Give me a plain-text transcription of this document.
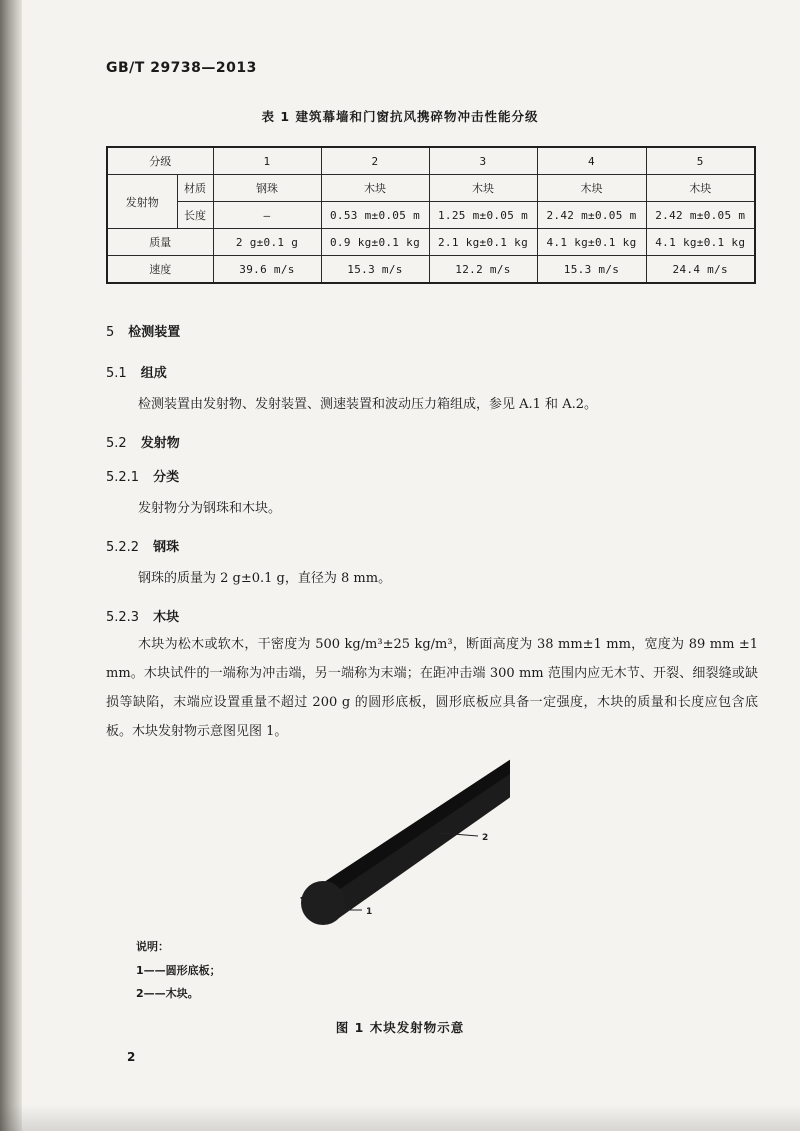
GB/T 29738—2013
表 1 建筑幕墙和门窗抗风携碎物冲击性能分级
分级		1	2	3	4	5
发射物	材质	钢珠	木块	木块	木块	木块
	长度	—	0.53 m±0.05 m	1.25 m±0.05 m	2.42 m±0.05 m	2.42 m±0.05 m
质量		2 g±0.1 g	0.9 kg±0.1 kg	2.1 kg±0.1 kg	4.1 kg±0.1 kg	4.1 kg±0.1 kg
速度		39.6 m/s	15.3 m/s	12.2 m/s	15.3 m/s	24.4 m/s
5 检测装置
5.1 组成
检测装置由发射物、发射装置、测速装置和波动压力箱组成，参见 A.1 和 A.2。
5.2 发射物
5.2.1 分类
发射物分为钢珠和木块。
5.2.2 钢珠
钢珠的质量为 2 g±0.1 g，直径为 8 mm。
5.2.3 木块
木块为松木或软木，干密度为 500 kg/m³±25 kg/m³，断面高度为 38 mm±1 mm，宽度为 89 mm ±1 mm。木块试件的一端称为冲击端，另一端称为末端；在距冲击端 300 mm 范围内应无木节、开裂、细裂缝或缺损等缺陷，末端应设置重量不超过 200 g 的圆形底板，圆形底板应具备一定强度，木块的质量和长度应包含底板。木块发射物示意图见图 1。
1
2
说明：
1——圆形底板；
2——木块。
图 1 木块发射物示意
2
